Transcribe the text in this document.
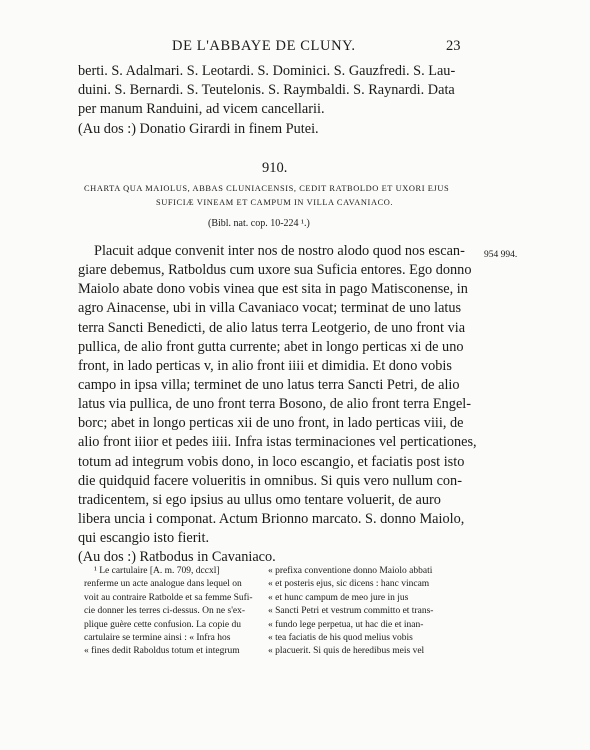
DE L'ABBAYE DE CLUNY.	23
berti. S. Adalmari. S. Leotardi. S. Dominici. S. Gauzfredi. S. Lau-
duini. S. Bernardi. S. Teutelonis. S. Raymbaldi. S. Raynardi. Data
per manum Randuini, ad vicem cancellarii.
(Au dos :) Donatio Girardi in finem Putei.
910.
CHARTA QUA MAIOLUS, ABBAS CLUNIACENSIS, CEDIT RATBOLDO ET UXORI EJUS
SUFICIÆ VINEAM ET CAMPUM IN VILLA CAVANIACO.
(Bibl. nat. cop. 10-224 ¹.)
954 994.
Placuit adque convenit inter nos de nostro alodo quod nos escan-
giare debemus, Ratboldus cum uxore sua Suficia entores. Ego donno
Maiolo abate dono vobis vinea que est sita in pago Matisconense, in
agro Ainacense, ubi in villa Cavaniaco vocat; terminat de uno latus
terra Sancti Benedicti, de alio latus terra Leotgerio, de uno front via
pullica, de alio front gutta currente; abet in longo perticas xi de uno
front, in lado perticas v, in alio front iiii et dimidia. Et dono vobis
campo in ipsa villa; terminet de uno latus terra Sancti Petri, de alio
latus via pullica, de uno front terra Bosono, de alio front terra Engel-
borc; abet in longo perticas xii de uno front, in lado perticas viii, de
alio front iiior et pedes iiii. Infra istas terminaciones vel perticationes,
totum ad integrum vobis dono, in loco escangio, et faciatis post isto
die quidquid facere volueritis in omnibus. Si quis vero nullum con-
tradicentem, si ego ipsius au ullus omo tentare voluerit, de auro
libera uncia i componat. Actum Brionno marcato. S. donno Maiolo,
qui escangio isto fierit.
(Au dos :) Ratbodus in Cavaniaco.
¹ Le cartulaire [A. m. 709, dccxl]
renferme un acte analogue dans lequel on
voit au contraire Ratbolde et sa femme Sufi-
cie donner les terres ci-dessus. On ne s'ex-
plique guère cette confusion. La copie du
cartulaire se termine ainsi : « Infra hos
« fines dedit Raboldus totum et integrum
« prefixa conventione donno Maiolo abbati
« et posteris ejus, sic dicens : hanc vincam
« et hunc campum de meo jure in jus
« Sancti Petri et vestrum committo et trans-
« fundo lege perpetua, ut hac die et inan-
« tea faciatis de his quod melius vobis
« placuerit. Si quis de heredibus meis vel
